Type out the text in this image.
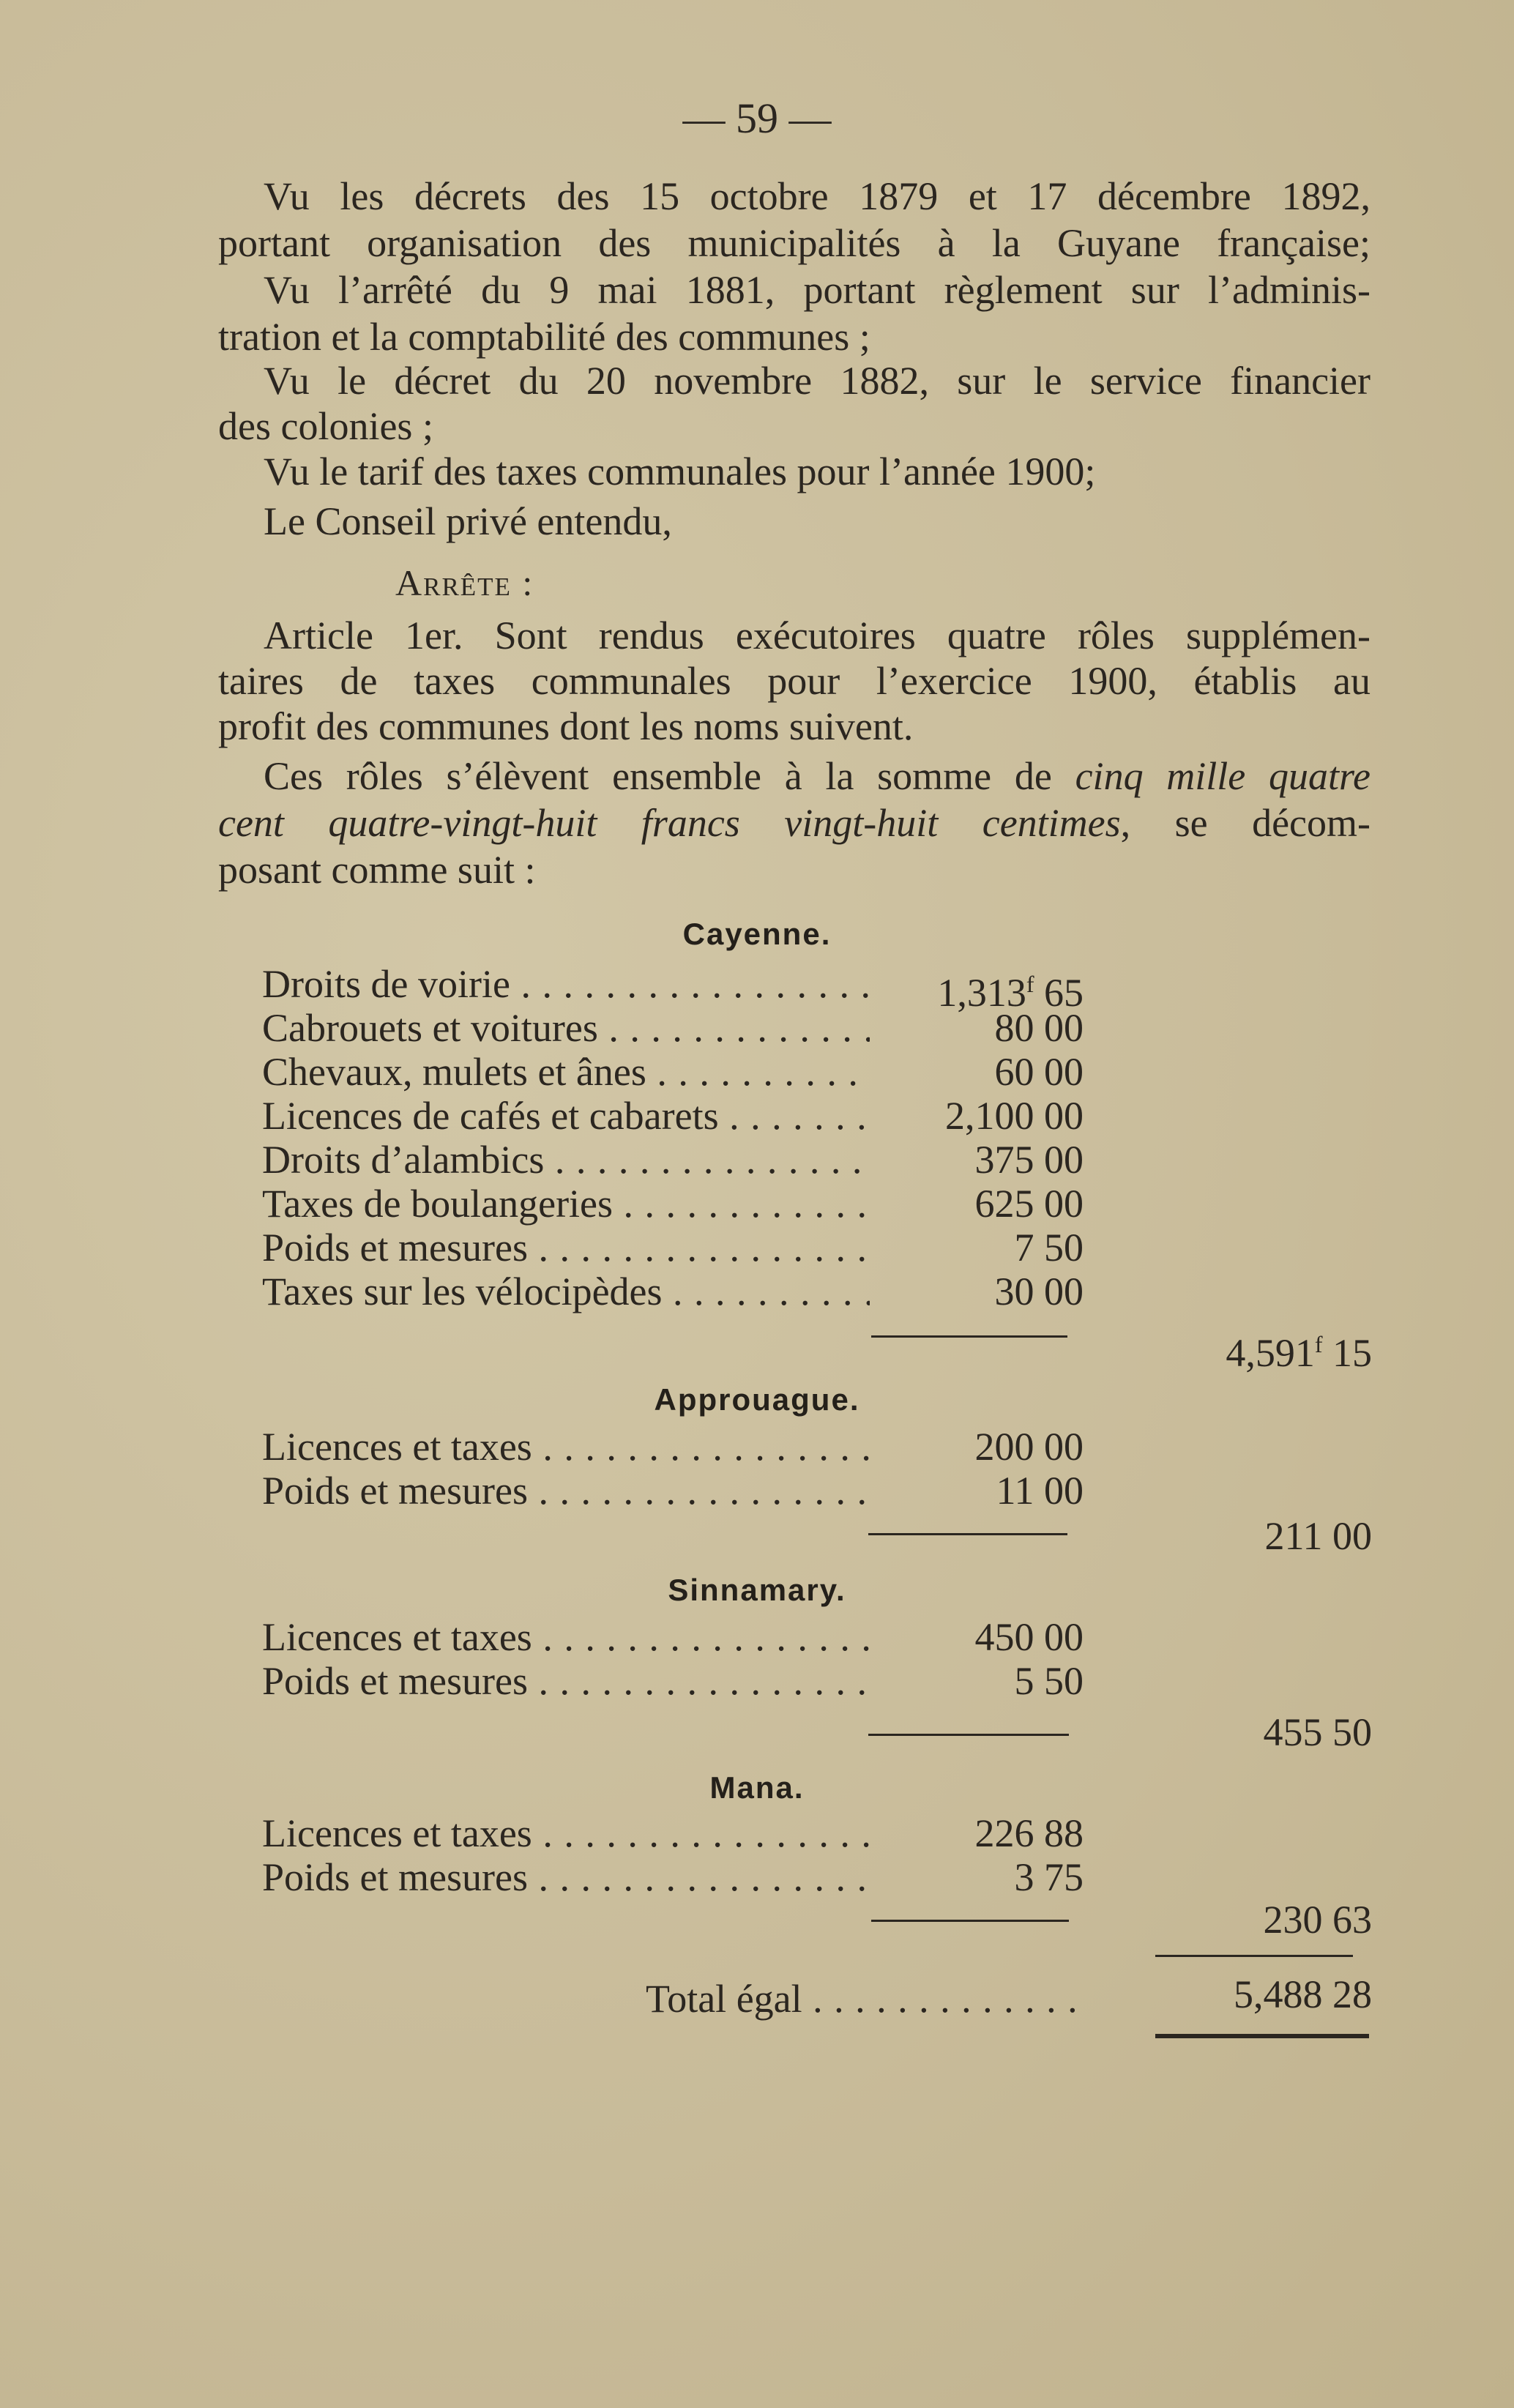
— 59 —
Vu les décrets des 15 octobre 1879 et 17 décembre 1892,
portant organisation des municipalités à la Guyane française;
Vu l’arrêté du 9 mai 1881, portant règlement sur l’adminis-
tration et la comptabilité des communes ;
Vu le décret du 20 novembre 1882, sur le service financier
des colonies ;
Vu le tarif des taxes communales pour l’année 1900;
Le Conseil privé entendu,
Arrête :
Article 1er. Sont rendus exécutoires quatre rôles supplémen-
taires de taxes communales pour l’exercice 1900, établis au
profit des communes dont les noms suivent.
Ces rôles s’élèvent ensemble à la somme de cinq mille quatre
cent quatre-vingt-huit francs vingt-huit centimes, se décom-
posant comme suit :
Cayenne.
Droits de voirie . . .	1,313$^f$ 65
Cabrouets et voitures . . .	80 00
Chevaux, mulets et ânes . . .	60 00
Licences de cafés et cabarets . . .	2,100 00
Droits d’alambics . . .	375 00
Taxes de boulangeries . . .	625 00
Poids et mesures . . .	7 50
Taxes sur les vélocipèdes . . .	30 00
4,591$^f$ 15
Approuague.
Licences et taxes . . .	200 00
Poids et mesures . . .	11 00
211 00
Sinnamary.
Licences et taxes . . .	450 00
Poids et mesures . . .	5 50
455 50
Mana.
Licences et taxes . . .	226 88
Poids et mesures . . .	3 75
230 63
Total égal . . .	5,488 28
